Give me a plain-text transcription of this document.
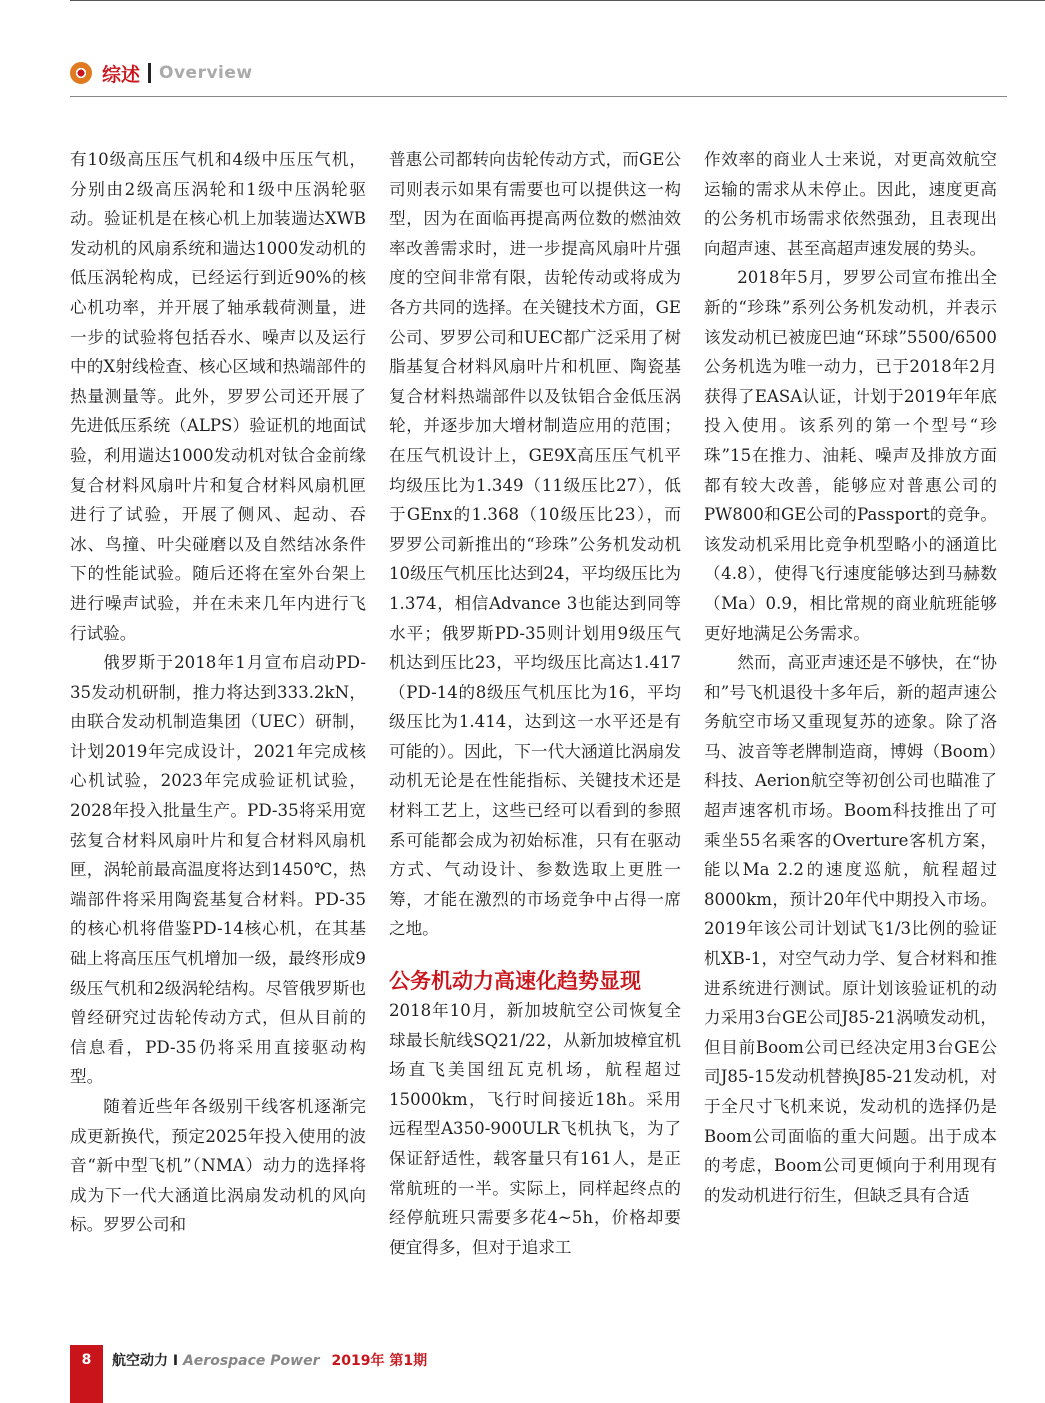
综述 Overview

有10级高压压气机和4级中压压气机，分别由2级高压涡轮和1级中压涡轮驱动。验证机是在核心机上加装遄达XWB发动机的风扇系统和遄达1000发动机的低压涡轮构成，已经运行到近90%的核心机功率，并开展了轴承载荷测量，进一步的试验将包括吞水、噪声以及运行中的X射线检查、核心区域和热端部件的热量测量等。此外，罗罗公司还开展了先进低压系统（ALPS）验证机的地面试验，利用遄达1000发动机对钛合金前缘复合材料风扇叶片和复合材料风扇机匣进行了试验，开展了侧风、起动、吞冰、鸟撞、叶尖碰磨以及自然结冰条件下的性能试验。随后还将在室外台架上进行噪声试验，并在未来几年内进行飞行试验。

俄罗斯于2018年1月宣布启动PD-35发动机研制，推力将达到333.2kN，由联合发动机制造集团（UEC）研制，计划2019年完成设计，2021年完成核心机试验，2023年完成验证机试验，2028年投入批量生产。PD-35将采用宽弦复合材料风扇叶片和复合材料风扇机匣，涡轮前最高温度将达到1450℃，热端部件将采用陶瓷基复合材料。PD-35的核心机将借鉴PD-14核心机，在其基础上将高压压气机增加一级，最终形成9级压气机和2级涡轮结构。尽管俄罗斯也曾经研究过齿轮传动方式，但从目前的信息看，PD-35仍将采用直接驱动构型。

随着近些年各级别干线客机逐渐完成更新换代，预定2025年投入使用的波音“新中型飞机”（NMA）动力的选择将成为下一代大涵道比涡扇发动机的风向标。罗罗公司和

普惠公司都转向齿轮传动方式，而GE公司则表示如果有需要也可以提供这一构型，因为在面临再提高两位数的燃油效率改善需求时，进一步提高风扇叶片强度的空间非常有限，齿轮传动或将成为各方共同的选择。在关键技术方面，GE公司、罗罗公司和UEC都广泛采用了树脂基复合材料风扇叶片和机匣、陶瓷基复合材料热端部件以及钛铝合金低压涡轮，并逐步加大增材制造应用的范围；在压气机设计上，GE9X高压压气机平均级压比为1.349（11级压比27），低于GEnx的1.368（10级压比23），而罗罗公司新推出的“珍珠”公务机发动机10级压气机压比达到24，平均级压比为1.374，相信Advance 3也能达到同等水平；俄罗斯PD-35则计划用9级压气机达到压比23，平均级压比高达1.417（PD-14的8级压气机压比为16，平均级压比为1.414，达到这一水平还是有可能的）。因此，下一代大涵道比涡扇发动机无论是在性能指标、关键技术还是材料工艺上，这些已经可以看到的参照系可能都会成为初始标准，只有在驱动方式、气动设计、参数选取上更胜一筹，才能在激烈的市场竞争中占得一席之地。

公务机动力高速化趋势显现

2018年10月，新加坡航空公司恢复全球最长航线SQ21/22，从新加坡樟宜机场直飞美国纽瓦克机场，航程超过15000km，飞行时间接近18h。采用远程型A350-900ULR飞机执飞，为了保证舒适性，载客量只有161人，是正常航班的一半。实际上，同样起终点的经停航班只需要多花4~5h，价格却要便宜得多，但对于追求工

作效率的商业人士来说，对更高效航空运输的需求从未停止。因此，速度更高的公务机市场需求依然强劲，且表现出向超声速、甚至高超声速发展的势头。

2018年5月，罗罗公司宣布推出全新的“珍珠”系列公务机发动机，并表示该发动机已被庞巴迪“环球”5500/6500公务机选为唯一动力，已于2018年2月获得了EASA认证，计划于2019年年底投入使用。该系列的第一个型号“珍珠”15在推力、油耗、噪声及排放方面都有较大改善，能够应对普惠公司的PW800和GE公司的Passport的竞争。该发动机采用比竞争机型略小的涵道比（4.8），使得飞行速度能够达到马赫数（Ma）0.9，相比常规的商业航班能够更好地满足公务需求。

然而，高亚声速还是不够快，在“协和”号飞机退役十多年后，新的超声速公务航空市场又重现复苏的迹象。除了洛马、波音等老牌制造商，博姆（Boom）科技、Aerion航空等初创公司也瞄准了超声速客机市场。Boom科技推出了可乘坐55名乘客的Overture客机方案，能以Ma 2.2的速度巡航，航程超过8000km，预计20年代中期投入市场。2019年该公司计划试飞1/3比例的验证机XB-1，对空气动力学、复合材料和推进系统进行测试。原计划该验证机的动力采用3台GE公司J85-21涡喷发动机，但目前Boom公司已经决定用3台GE公司J85-15发动机替换J85-21发动机，对于全尺寸飞机来说，发动机的选择仍是Boom公司面临的重大问题。出于成本的考虑，Boom公司更倾向于利用现有的发动机进行衍生，但缺乏具有合适

8	航空动力 I Aerospace Power 2019年 第1期
